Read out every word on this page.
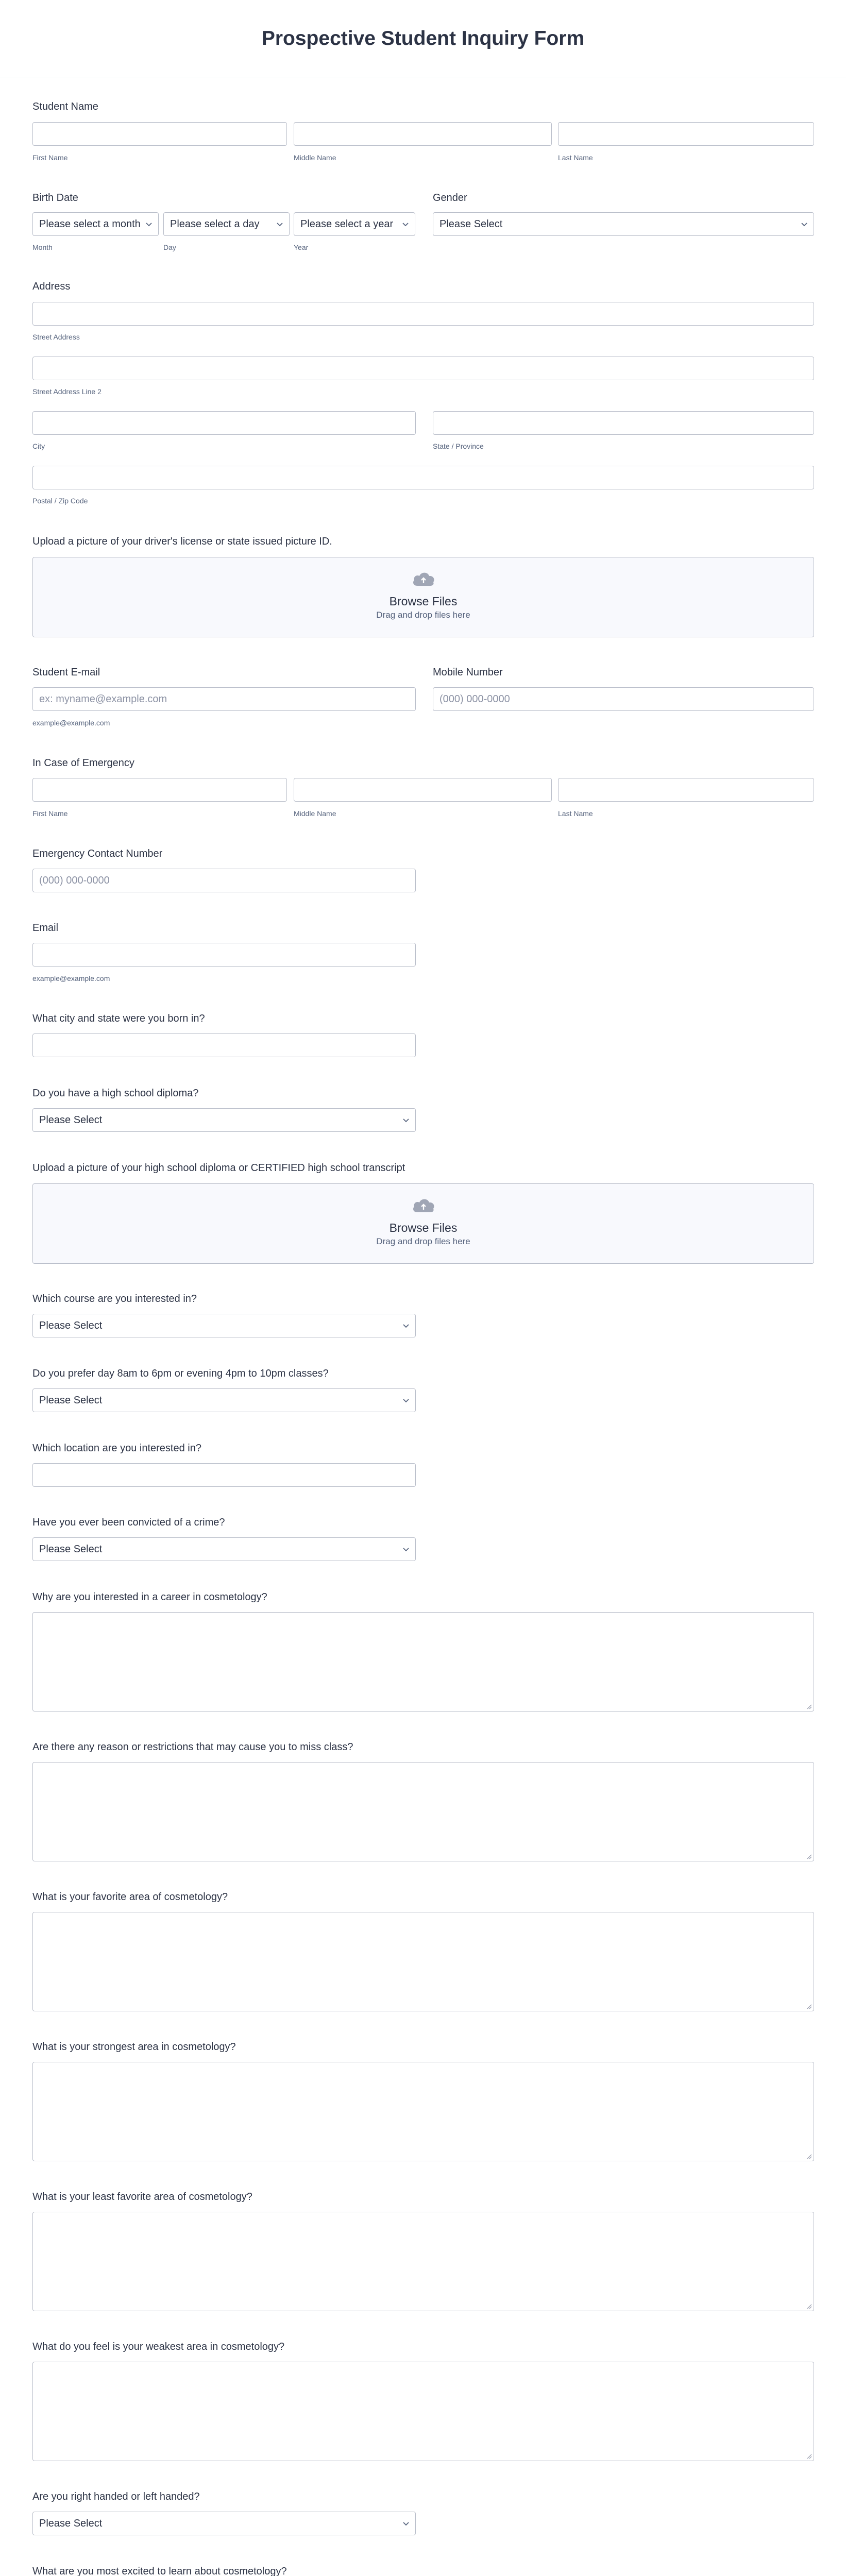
Prospective Student Inquiry Form
Student Name
First Name	Middle Name	Last Name
Birth Date
Please select a month	Please select a day	Please select a year
Month	Day	Year
Gender
Please Select
Address
Street Address
Street Address Line 2
City	State / Province
Postal / Zip Code
Upload a picture of your driver's license or state issued picture ID.
Browse Files
Drag and drop files here
Student E-mail
ex: myname@example.com
example@example.com
Mobile Number
(000) 000-0000
In Case of Emergency
First Name	Middle Name	Last Name
Emergency Contact Number
(000) 000-0000
Email
example@example.com
What city and state were you born in?
Do you have a high school diploma?
Please Select
Upload a picture of your high school diploma or CERTIFIED high school transcript
Browse Files
Drag and drop files here
Which course are you interested in?
Please Select
Do you prefer day 8am to 6pm or evening 4pm to 10pm classes?
Please Select
Which location are you interested in?
Have you ever been convicted of a crime?
Please Select
Why are you interested in a career in cosmetology?
Are there any reason or restrictions that may cause you to miss class?
What is your favorite area of cosmetology?
What is your strongest area in cosmetology?
What is your least favorite area of cosmetology?
What do you feel is your weakest area in cosmetology?
Are you right handed or left handed?
Please Select
What are you most excited to learn about cosmetology?
